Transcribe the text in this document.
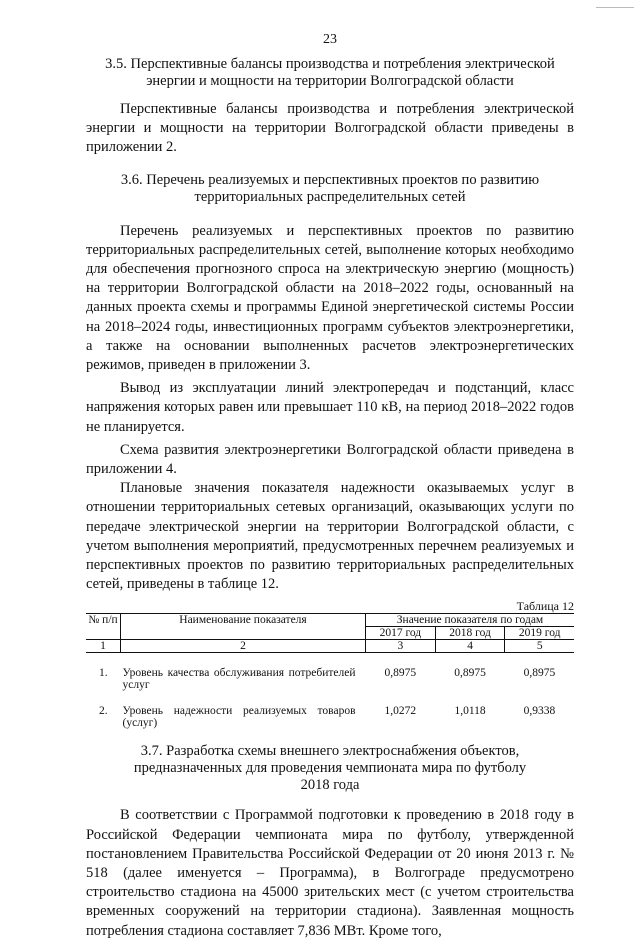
23
3.5. Перспективные балансы производства и потребления электрической энергии и мощности на территории Волгоградской области

Перспективные балансы производства и потребления электрической энергии и мощности на территории Волгоградской области приведены в приложении 2.

3.6. Перечень реализуемых и перспективных проектов по развитию территориальных распределительных сетей

Перечень реализуемых и перспективных проектов по развитию территориальных распределительных сетей, выполнение которых необходимо для обеспечения прогнозного спроса на электрическую энергию (мощность) на территории Волгоградской области на 2018–2022 годы, основанный на данных проекта схемы и программы Единой энергетической системы России на 2018–2024 годы, инвестиционных программ субъектов электроэнергетики, а также на основании выполненных расчетов электроэнергетических режимов, приведен в приложении 3.

Вывод из эксплуатации линий электропередач и подстанций, класс напряжения которых равен или превышает 110 кВ, на период 2018–2022 годов не планируется.

Схема развития электроэнергетики Волгоградской области приведена в приложении 4.

Плановые значения показателя надежности оказываемых услуг в отношении территориальных сетевых организаций, оказывающих услуги по передаче электрической энергии на территории Волгоградской области, с учетом выполнения мероприятий, предусмотренных перечнем реализуемых и перспективных проектов по развитию территориальных распределительных сетей, приведены в таблице 12.

Таблица 12
№ п/п	Наименование показателя	Значение показателя по годам		
		2017 год	2018 год	2019 год
1	2	3	4	5
1.	Уровень качества обслуживания потребителей услуг	0,8975	0,8975	0,8975
2.	Уровень надежности реализуемых товаров (услуг)	1,0272	1,0118	0,9338
3.7. Разработка схемы внешнего электроснабжения объектов, предназначенных для проведения чемпионата мира по футболу 2018 года

В соответствии с Программой подготовки к проведению в 2018 году в Российской Федерации чемпионата мира по футболу, утвержденной постановлением Правительства Российской Федерации от 20 июня 2013 г. № 518 (далее именуется – Программа), в Волгограде предусмотрено строительство стадиона на 45000 зрительских мест (с учетом строительства временных сооружений на территории стадиона). Заявленная мощность потребления стадиона составляет 7,836 МВт. Кроме того,
